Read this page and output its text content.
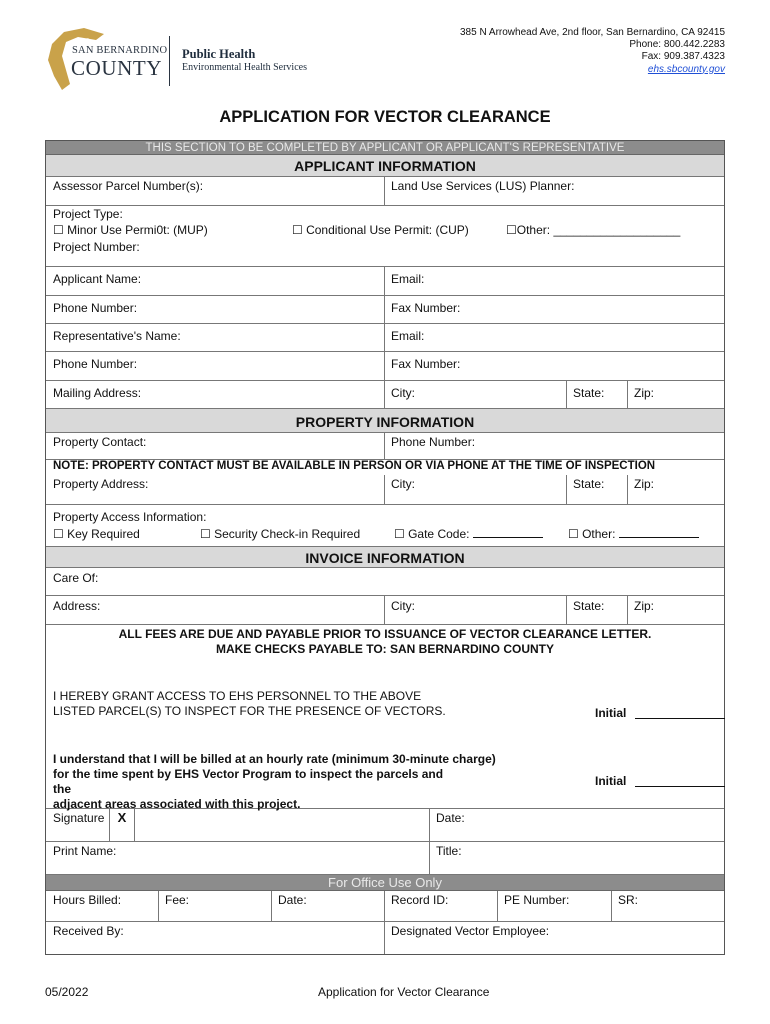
SAN BERNARDINO
COUNTY
Public Health
Environmental Health Services
385 N Arrowhead Ave, 2nd floor, San Bernardino, CA 92415
Phone: 800.442.2283
Fax: 909.387.4323
ehs.sbcounty.gov
APPLICATION FOR VECTOR CLEARANCE
THIS SECTION TO BE COMPLETED BY APPLICANT OR APPLICANT'S REPRESENTATIVE
APPLICANT INFORMATION
Assessor Parcel Number(s):	Land Use Services (LUS) Planner:
Project Type:
☐ Minor Use Permi0t: (MUP)	☐ Conditional Use Permit: (CUP)	☐Other: ___________________
Project Number:
Applicant Name:	Email:
Phone Number:	Fax Number:
Representative's Name:	Email:
Phone Number:	Fax Number:
Mailing Address:	City:	State:	Zip:
PROPERTY INFORMATION
Property Contact:	Phone Number:
NOTE: PROPERTY CONTACT MUST BE AVAILABLE IN PERSON OR VIA PHONE AT THE TIME OF INSPECTION
Property Address:	City:	State:	Zip:
Property Access Information:
☐ Key Required	☐ Security Check-in Required	☐ Gate Code:	☐ Other:
INVOICE INFORMATION
Care Of:
Address:	City:	State:	Zip:
ALL FEES ARE DUE AND PAYABLE PRIOR TO ISSUANCE OF VECTOR CLEARANCE LETTER.
MAKE CHECKS PAYABLE TO: SAN BERNARDINO COUNTY
I HEREBY GRANT ACCESS TO EHS PERSONNEL TO THE ABOVE
LISTED PARCEL(S) TO INSPECT FOR THE PRESENCE OF VECTORS.	Initial
I understand that I will be billed at an hourly rate (minimum 30-minute charge)
for the time spent by EHS Vector Program to inspect the parcels and
the
adjacent areas associated with this project.
Initial
Signature	X	Date:
Print Name:	Title:
For Office Use Only
Hours Billed:	Fee:	Date:	Record ID:	PE Number:	SR:
Received By:	Designated Vector Employee:
05/2022	Application for Vector Clearance
